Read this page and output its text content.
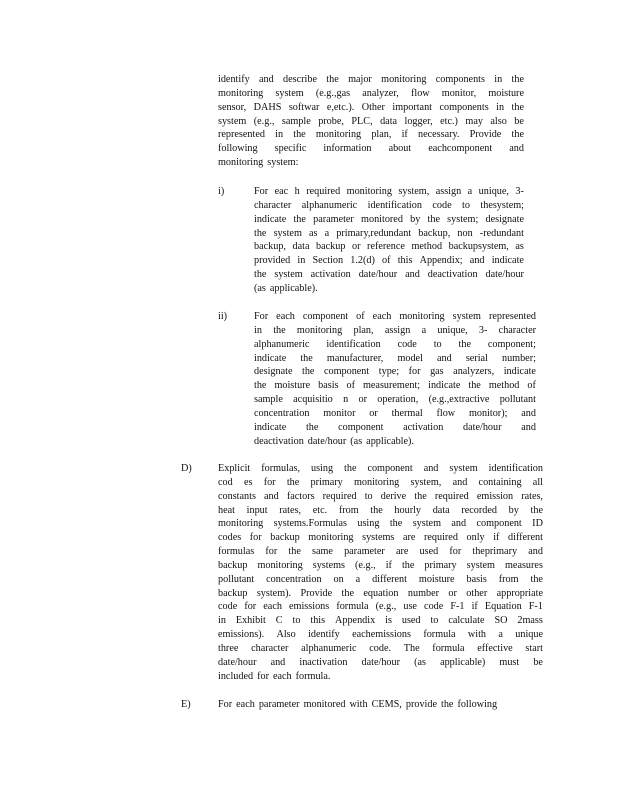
identify and describe the major monitoring components in the
monitoring system (e.g.,gas analyzer, flow monitor, moisture
sensor, DAHS softwar e,etc.). Other important components in the
system (e.g., sample probe, PLC, data logger, etc.) may also be
represented in the monitoring plan, if necessary. Provide the
following specific information about eachcomponent and
monitoring system:
i)	For eac h required monitoring system, assign a unique, 3-
character alphanumeric identification code to thesystem;
indicate the parameter monitored by the system; designate
the system as a primary,redundant backup, non -redundant
backup, data backup or reference method backupsystem, as
provided in Section 1.2(d) of this Appendix; and indicate
the system activation date/hour and deactivation date/hour
(as applicable).
ii)	For each component of each monitoring system represented
in the monitoring plan, assign a unique, 3- character
alphanumeric identification code to the component;
indicate the manufacturer, model and serial number;
designate the component type; for gas analyzers, indicate
the moisture basis of measurement; indicate the method of
sample acquisitio n or operation, (e.g.,extractive pollutant
concentration monitor or thermal flow monitor); and
indicate the component activation date/hour and
deactivation date/hour (as applicable).
D)	Explicit formulas, using the component and system identification
cod es for the primary monitoring system, and containing all
constants and factors required to derive the required emission rates,
heat input rates, etc. from the hourly data recorded by the
monitoring systems.Formulas using the system and component ID
codes for backup monitoring systems are required only if different
formulas for the same parameter are used for theprimary and
backup monitoring systems (e.g., if the primary system measures
pollutant concentration on a different moisture basis from the
backup system). Provide the equation number or other appropriate
code for each emissions formula (e.g., use code F-1 if Equation F-1
in Exhibit C to this Appendix is used to calculate SO 2mass
emissions). Also identify eachemissions formula with a unique
three character alphanumeric code. The formula effective start
date/hour and inactivation date/hour (as applicable) must be
included for each formula.
E)	For each parameter monitored with CEMS, provide the following
